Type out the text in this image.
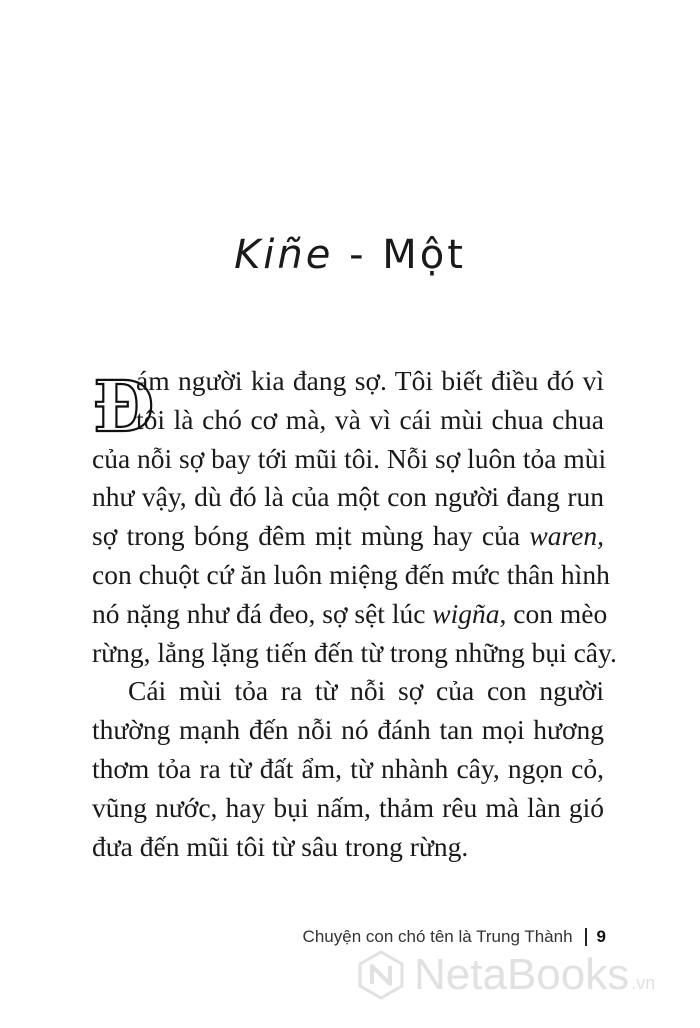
Kiñe - Một
Đ
ám người kia đang sợ. Tôi biết điều đó vì
tôi là chó cơ mà, và vì cái mùi chua chua
của nỗi sợ bay tới mũi tôi. Nỗi sợ luôn tỏa mùi
như vậy, dù đó là của một con người đang run
sợ trong bóng đêm mịt mùng hay của waren,
con chuột cứ ăn luôn miệng đến mức thân hình
nó nặng như đá đeo, sợ sệt lúc wigña, con mèo
rừng, lẳng lặng tiến đến từ trong những bụi cây.
Cái mùi tỏa ra từ nỗi sợ của con người
thường mạnh đến nỗi nó đánh tan mọi hương
thơm tỏa ra từ đất ẩm, từ nhành cây, ngọn cỏ,
vũng nước, hay bụi nấm, thảm rêu mà làn gió
đưa đến mũi tôi từ sâu trong rừng.
Chuyện con chó tên là Trung Thành 9
NetaBooks .vn
